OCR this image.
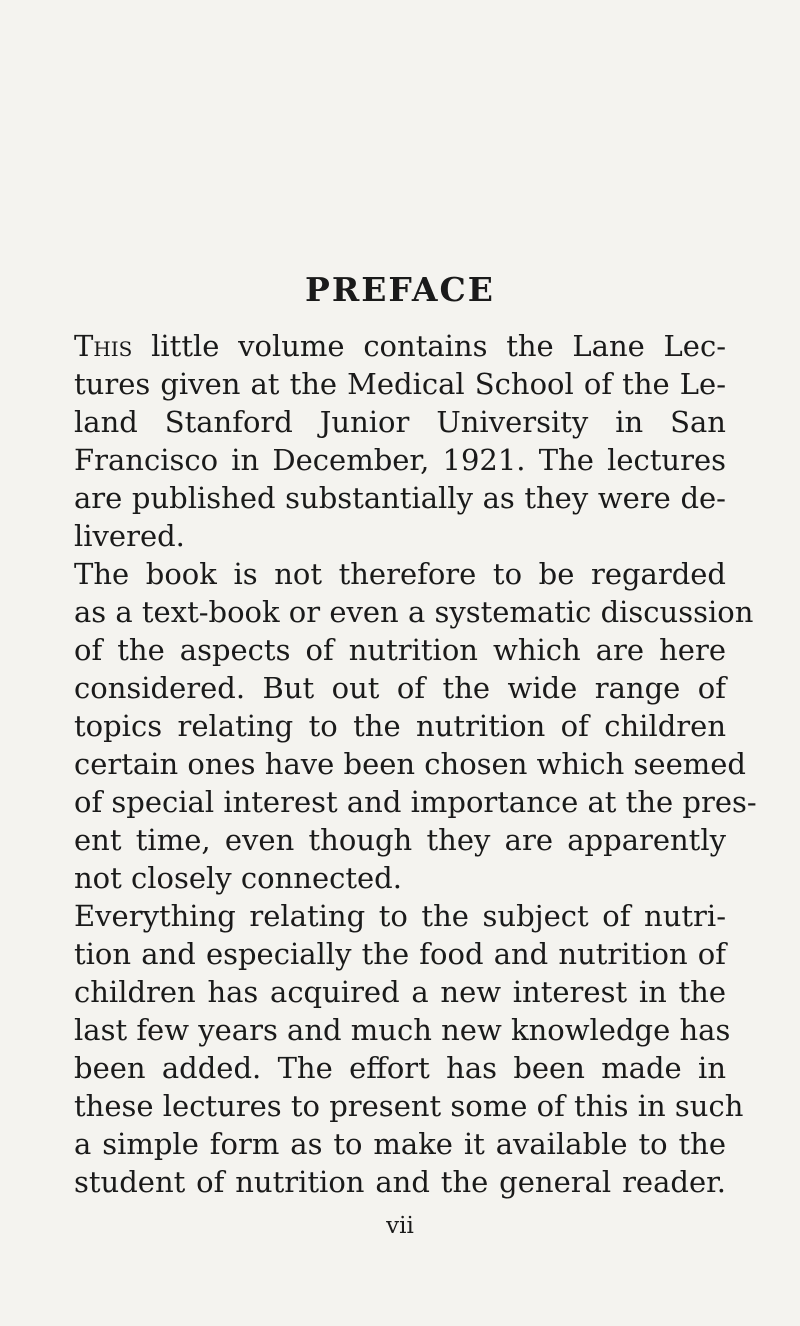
PREFACE
This little volume contains the Lane Lec-
tures given at the Medical School of the Le-
land Stanford Junior University in San
Francisco in December, 1921. The lectures
are published substantially as they were de-
livered.
The book is not therefore to be regarded
as a text-book or even a systematic discussion
of the aspects of nutrition which are here
considered. But out of the wide range of
topics relating to the nutrition of children
certain ones have been chosen which seemed
of special interest and importance at the pres-
ent time, even though they are apparently
not closely connected.
Everything relating to the subject of nutri-
tion and especially the food and nutrition of
children has acquired a new interest in the
last few years and much new knowledge has
been added. The effort has been made in
these lectures to present some of this in such
a simple form as to make it available to the
student of nutrition and the general reader.
vii
